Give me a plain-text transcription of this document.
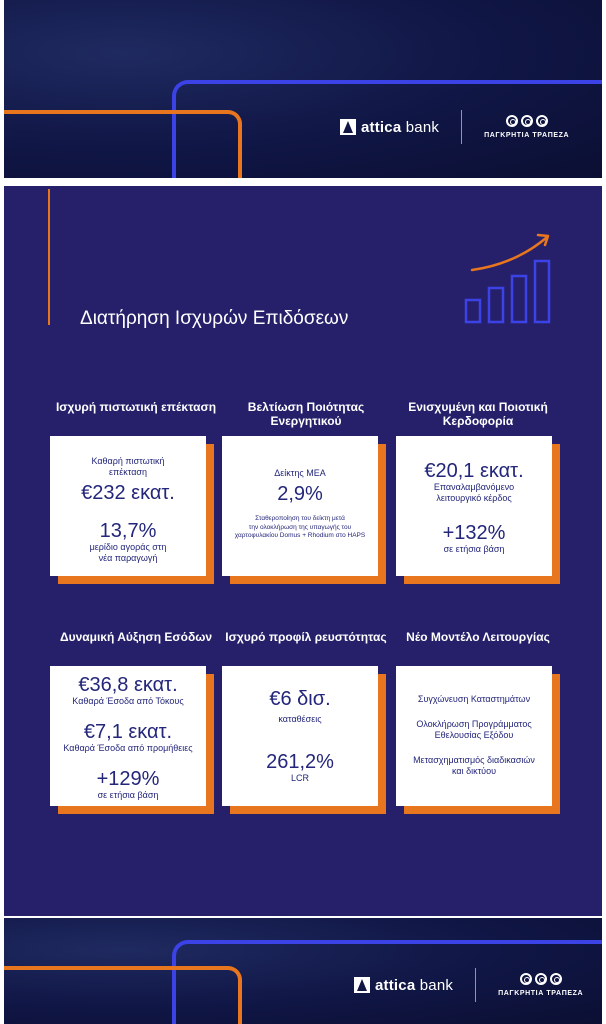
attica bank	ΠΑΓΚΡΗΤΙΑ ΤΡΑΠΕΖΑ
Διατήρηση Ισχυρών Επιδόσεων
Ισχυρή πιστωτική επέκταση
Καθαρή πιστωτική
επέκταση
€232 εκατ.
13,7%
μερίδιο αγοράς στη
νέα παραγωγή
Βελτίωση Ποιότητας Ενεργητικού
Δείκτης ΜΕΑ
2,9%
Σταθεροποίηση του δείκτη μετά
την ολοκλήρωση της υπαγωγής του
χαρτοφυλακίου Domus + Rhodium στο HAPS
Ενισχυμένη και Ποιοτική Κερδοφορία
€20,1 εκατ.
Επαναλαμβανόμενο
λειτουργικό κέρδος
+132%
σε ετήσια βάση
Δυναμική Αύξηση Εσόδων
€36,8 εκατ.
Καθαρά Έσοδα από Τόκους
€7,1 εκατ.
Καθαρά Έσοδα από προμήθειες
+129%
σε ετήσια βάση
Ισχυρό προφίλ ρευστότητας
€6 δισ.
καταθέσεις
261,2%
LCR
Νέο Μοντέλο Λειτουργίας
Συγχώνευση Καταστημάτων
Ολοκλήρωση Προγράμματος
Εθελουσίας Εξόδου
Μετασχηματισμός διαδικασιών
και δικτύου
attica bank	ΠΑΓΚΡΗΤΙΑ ΤΡΑΠΕΖΑ
